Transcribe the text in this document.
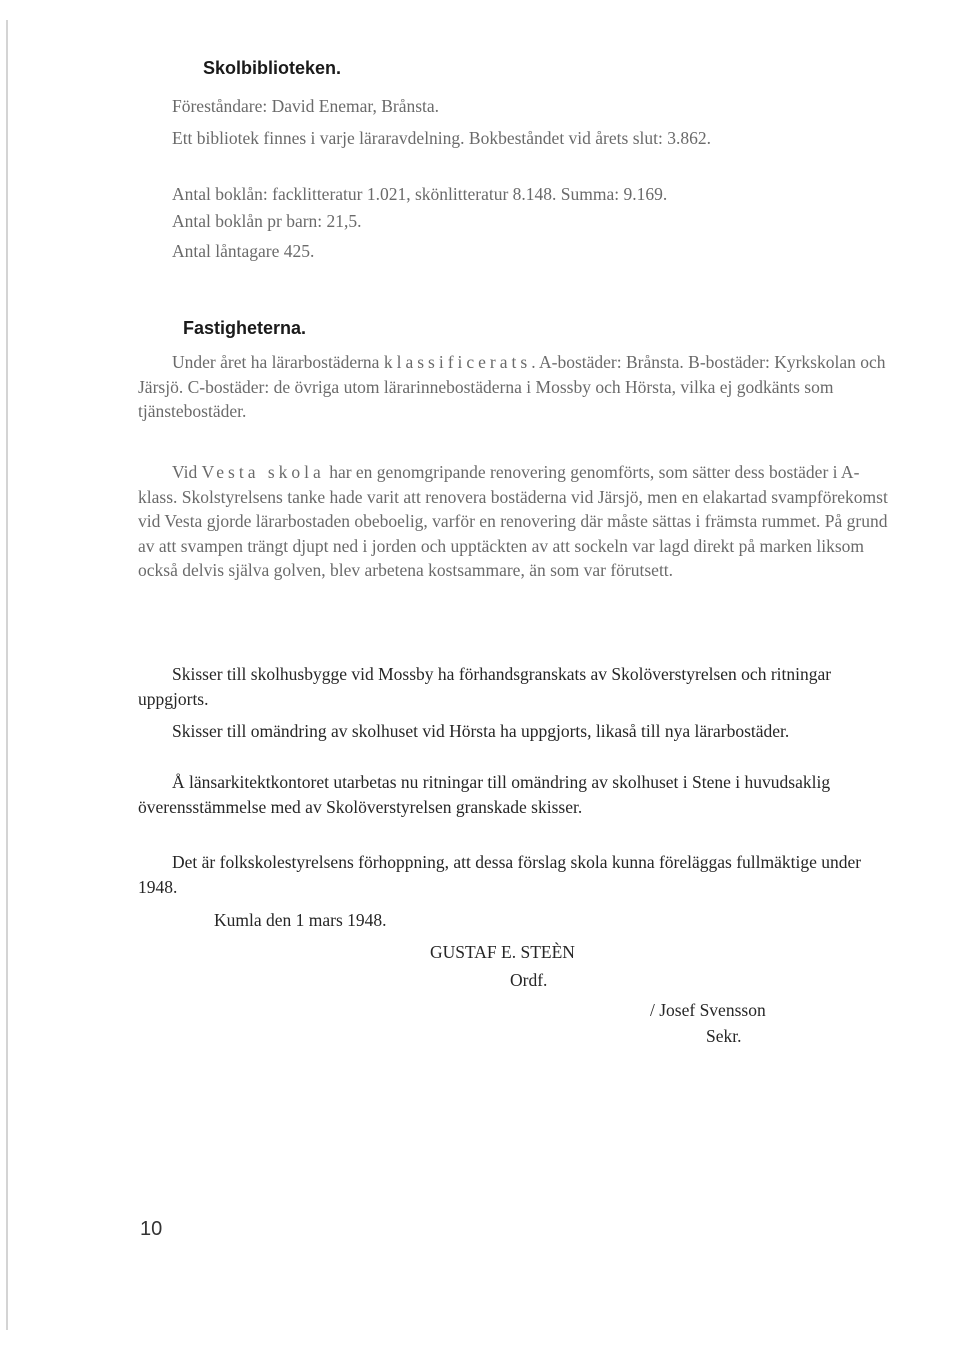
Skolbiblioteken.
Föreståndare: David Enemar, Brånsta.
Ett bibliotek finnes i varje läraravdelning. Bokbeståndet vid årets slut: 3.862.
Antal boklån: facklitteratur 1.021, skönlitteratur 8.148. Summa: 9.169.
Antal boklån pr barn: 21,5.
Antal låntagare 425.
Fastigheterna.
Under året ha lärarbostäderna klassificerats. A-bostäder: Brånsta. B-bostäder: Kyrkskolan och Järsjö. C-bostäder: de övriga utom lärarinnebostäderna i Mossby och Hörsta, vilka ej godkänts som tjänstebostäder.
Vid Vesta skola har en genomgripande renovering genomförts, som sätter dess bostäder i A-klass. Skolstyrelsens tanke hade varit att renovera bostäderna vid Järsjö, men en elakartad svampförekomst vid Vesta gjorde lärarbostaden obeboelig, varför en renovering där måste sättas i främsta rummet. På grund av att svampen trängt djupt ned i jorden och upptäckten av att sockeln var lagd direkt på marken liksom också delvis själva golven, blev arbetena kostsammare, än som var förutsett.
Skisser till skolhusbygge vid Mossby ha förhandsgranskats av Skolöverstyrelsen och ritningar uppgjorts.
Skisser till omändring av skolhuset vid Hörsta ha uppgjorts, likaså till nya lärarbostäder.
Å länsarkitektkontoret utarbetas nu ritningar till omändring av skolhuset i Stene i huvudsaklig överensstämmelse med av Skolöverstyrelsen granskade skisser.
Det är folkskolestyrelsens förhoppning, att dessa förslag skola kunna föreläggas fullmäktige under 1948.
Kumla den 1 mars 1948.
GUSTAF E. STEÈN
Ordf.
/ Josef Svensson
Sekr.
10
